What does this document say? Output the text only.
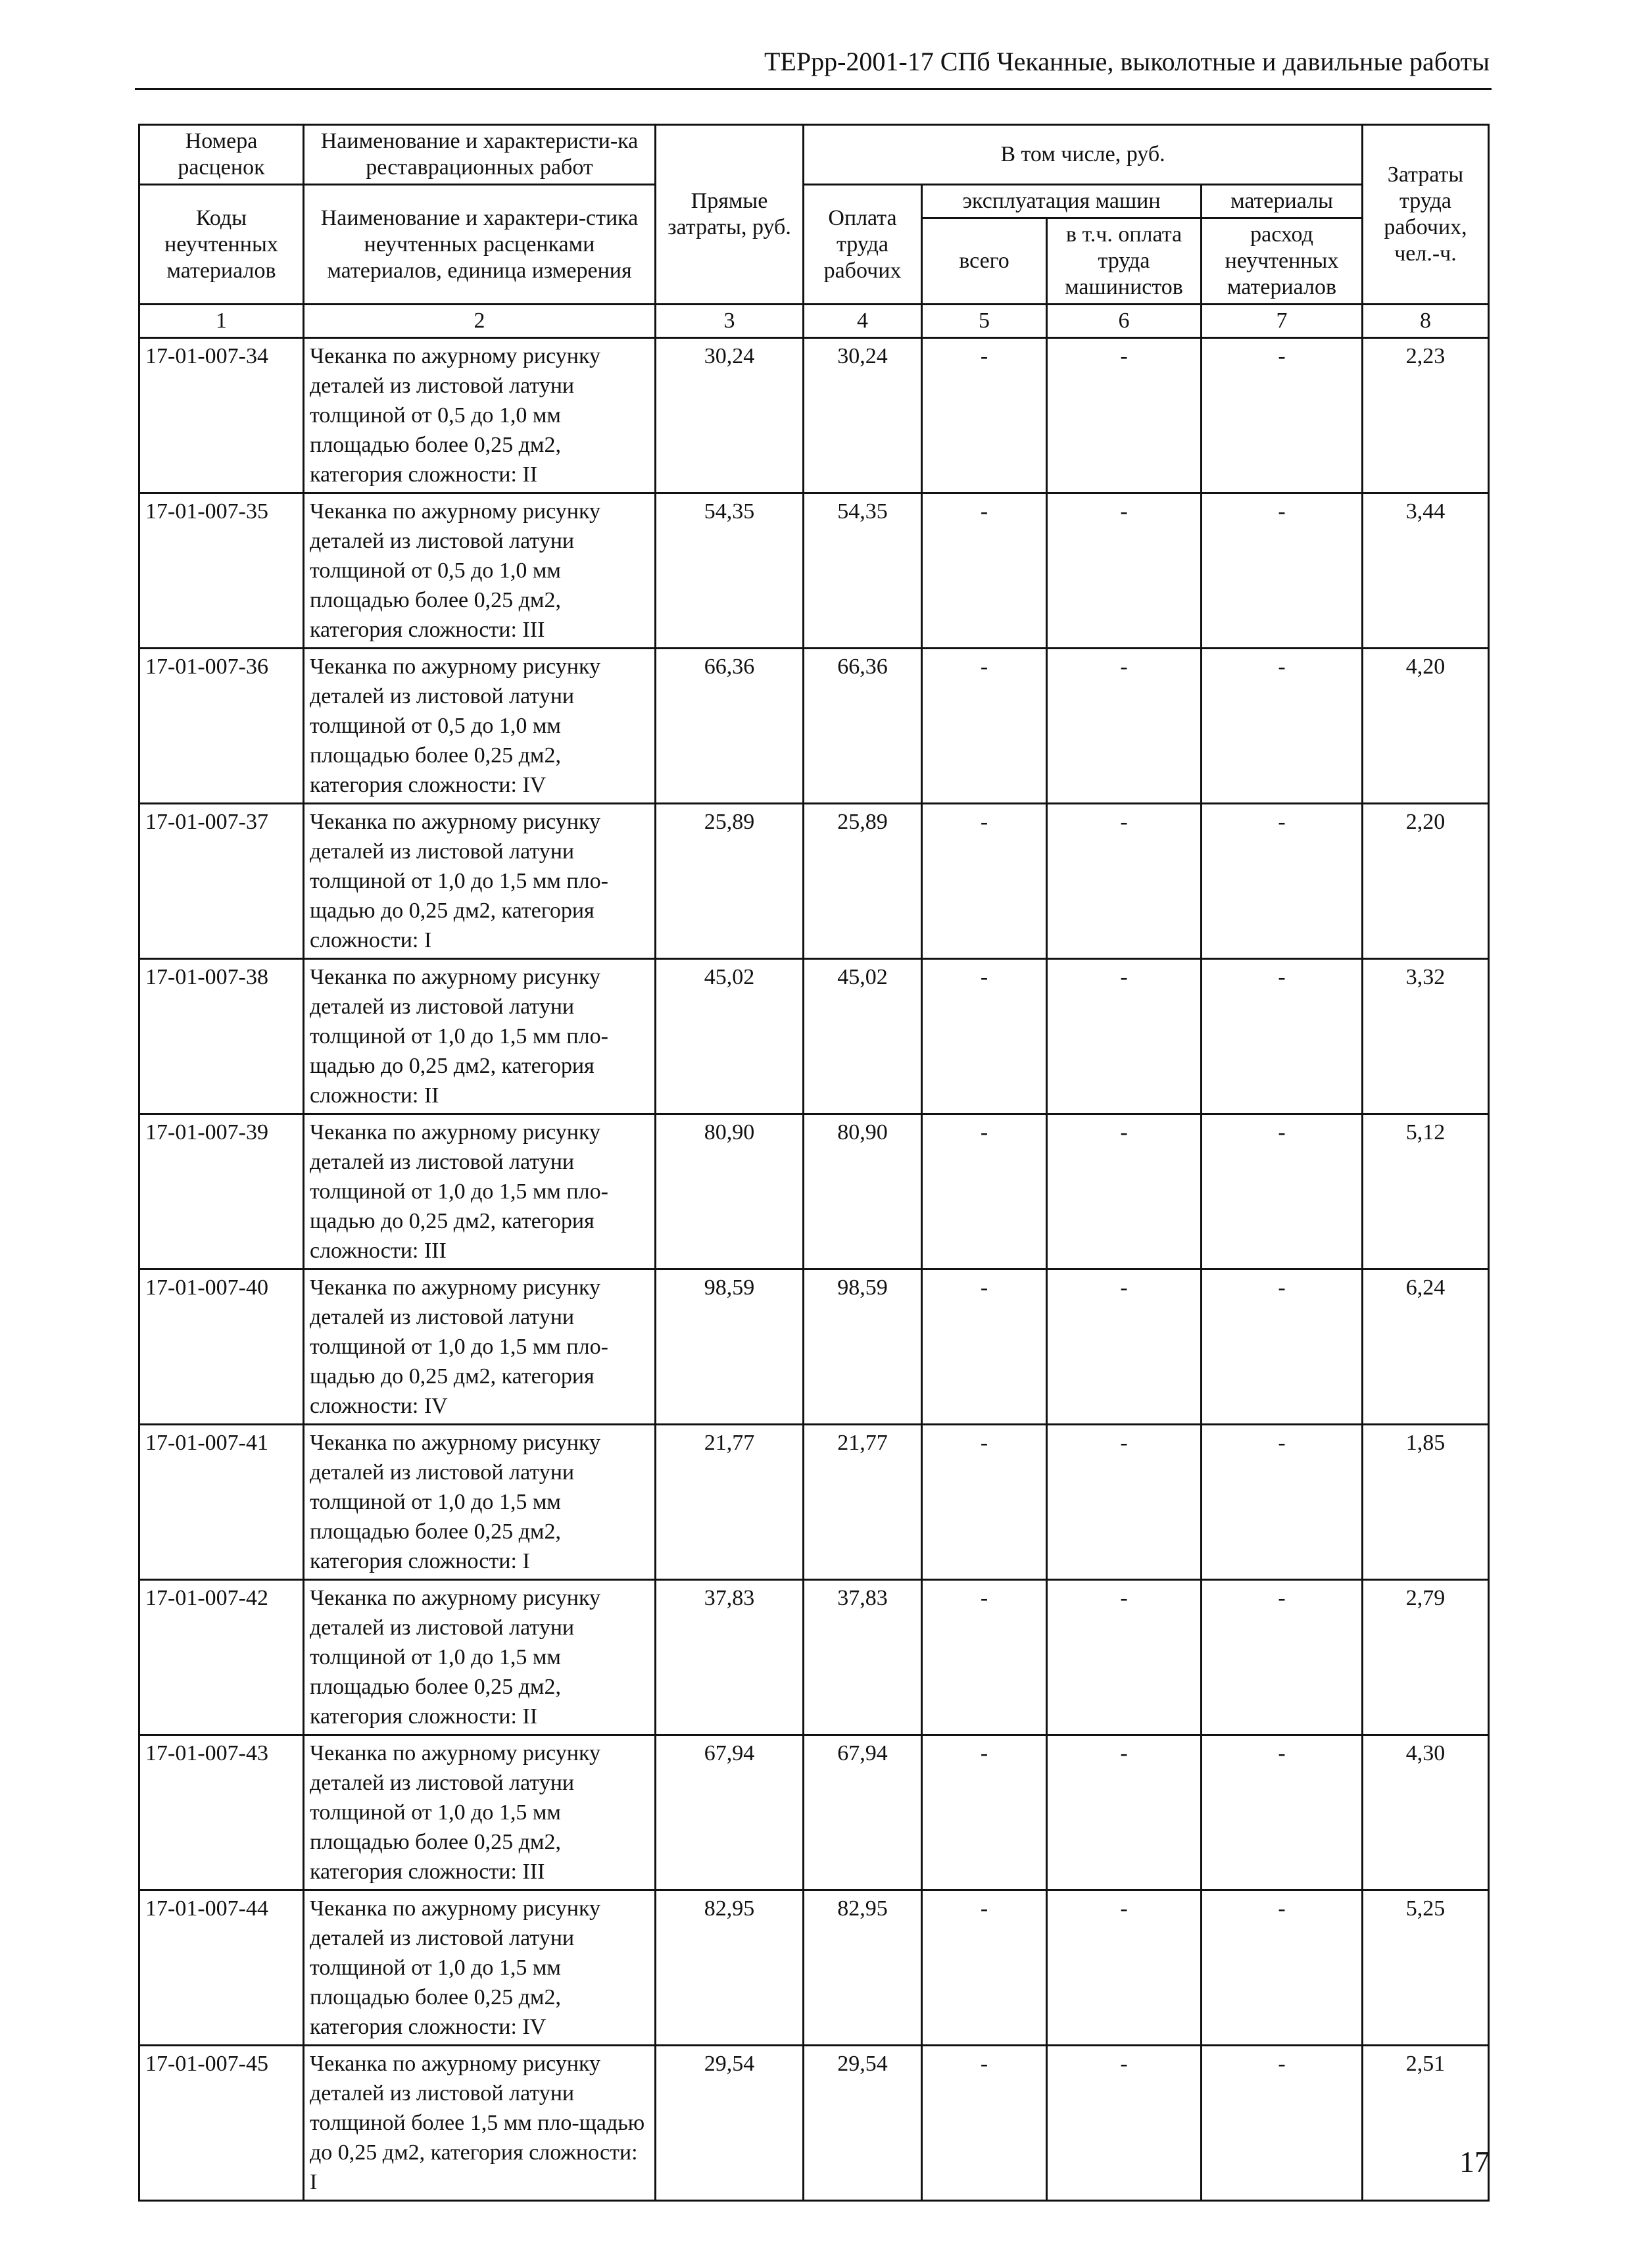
ТЕРрр-2001-17 СПб Чеканные, выколотные и давильные работы
Номера расценок	Наименование и характеристи-ка реставрационных работ	Прямые затраты, руб.	В том числе, руб.				Затраты труда рабочих, чел.-ч.
Коды неучтенных материалов	Наименование и характери-стика неучтенных расценками материалов, единица измерения		Оплата труда рабочих	эксплуатация машин		материалы	
				всего	в т.ч. оплата труда машинистов	расход неучтенных материалов	
1	2	3	4	5	6	7	8
17-01-007-34	Чеканка по ажурному рисунку деталей из листовой латуни толщиной от 0,5 до 1,0 мм площадью более 0,25 дм2, категория сложности: II	30,24	30,24	-	-	-	2,23
17-01-007-35	Чеканка по ажурному рисунку деталей из листовой латуни толщиной от 0,5 до 1,0 мм площадью более 0,25 дм2, категория сложности: III	54,35	54,35	-	-	-	3,44
17-01-007-36	Чеканка по ажурному рисунку деталей из листовой латуни толщиной от 0,5 до 1,0 мм площадью более 0,25 дм2, категория сложности: IV	66,36	66,36	-	-	-	4,20
17-01-007-37	Чеканка по ажурному рисунку деталей из листовой латуни толщиной от 1,0 до 1,5 мм пло-щадью до 0,25 дм2, категория сложности: I	25,89	25,89	-	-	-	2,20
17-01-007-38	Чеканка по ажурному рисунку деталей из листовой латуни толщиной от 1,0 до 1,5 мм пло-щадью до 0,25 дм2, категория сложности: II	45,02	45,02	-	-	-	3,32
17-01-007-39	Чеканка по ажурному рисунку деталей из листовой латуни толщиной от 1,0 до 1,5 мм пло-щадью до 0,25 дм2, категория сложности: III	80,90	80,90	-	-	-	5,12
17-01-007-40	Чеканка по ажурному рисунку деталей из листовой латуни толщиной от 1,0 до 1,5 мм пло-щадью до 0,25 дм2, категория сложности: IV	98,59	98,59	-	-	-	6,24
17-01-007-41	Чеканка по ажурному рисунку деталей из листовой латуни толщиной от 1,0 до 1,5 мм площадью более 0,25 дм2, категория сложности: I	21,77	21,77	-	-	-	1,85
17-01-007-42	Чеканка по ажурному рисунку деталей из листовой латуни толщиной от 1,0 до 1,5 мм площадью более 0,25 дм2, категория сложности: II	37,83	37,83	-	-	-	2,79
17-01-007-43	Чеканка по ажурному рисунку деталей из листовой латуни толщиной от 1,0 до 1,5 мм площадью более 0,25 дм2, категория сложности: III	67,94	67,94	-	-	-	4,30
17-01-007-44	Чеканка по ажурному рисунку деталей из листовой латуни толщиной от 1,0 до 1,5 мм площадью более 0,25 дм2, категория сложности: IV	82,95	82,95	-	-	-	5,25
17-01-007-45	Чеканка по ажурному рисунку деталей из листовой латуни толщиной более 1,5 мм пло-щадью до 0,25 дм2, категория сложности: I	29,54	29,54	-	-	-	2,51
17
